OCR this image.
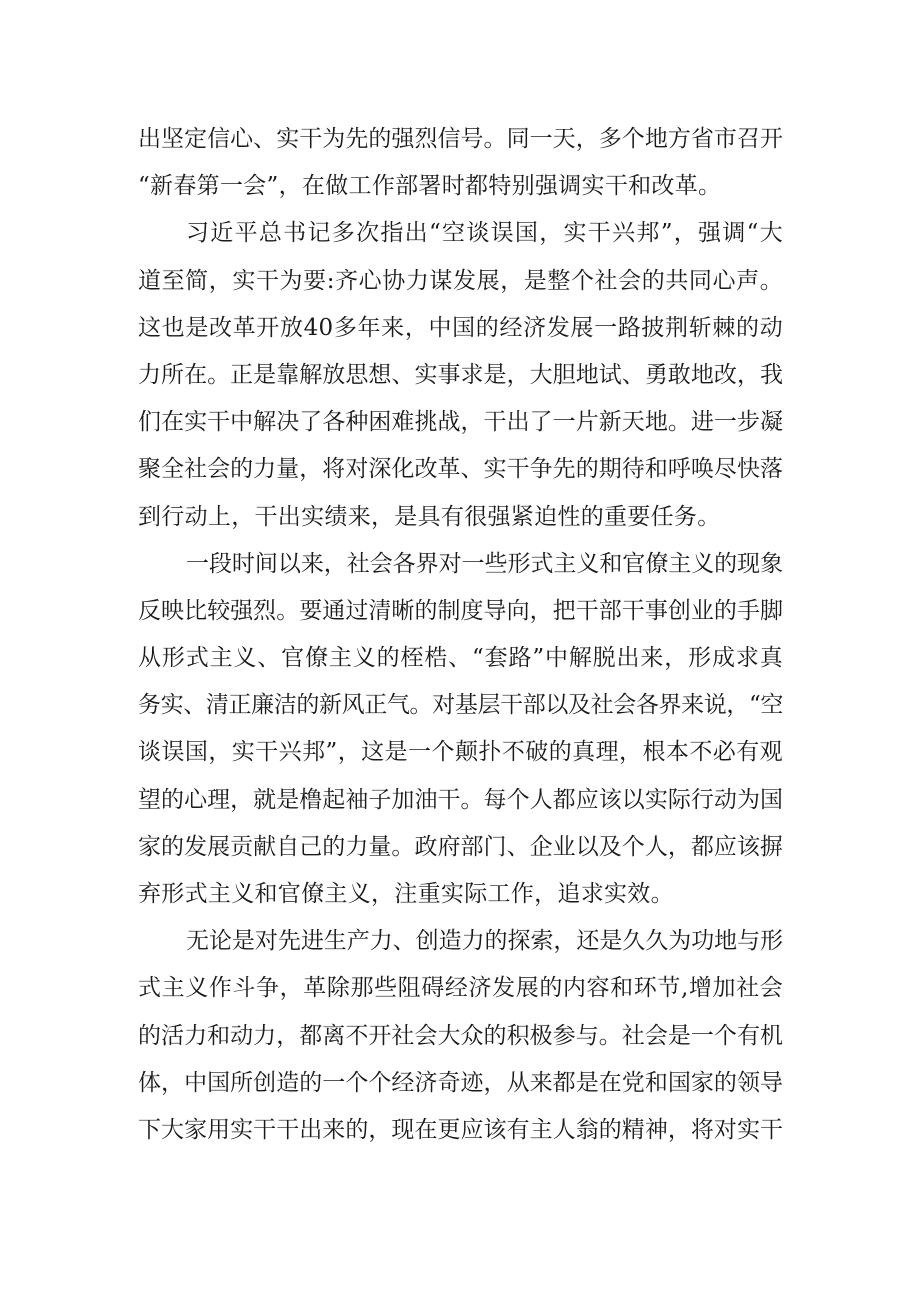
出坚定信心、实干为先的强烈信号。同一天，多个地方省市召开
“新春第一会”，在做工作部署时都特别强调实干和改革。
习近平总书记多次指出“空谈误国，实干兴邦”，强调“大
道至简，实干为要:齐心协力谋发展，是整个社会的共同心声。
这也是改革开放40多年来，中国的经济发展一路披荆斩棘的动
力所在。正是靠解放思想、实事求是，大胆地试、勇敢地改，我
们在实干中解决了各种困难挑战，干出了一片新天地。进一步凝
聚全社会的力量，将对深化改革、实干争先的期待和呼唤尽快落
到行动上，干出实绩来，是具有很强紧迫性的重要任务。
一段时间以来，社会各界对一些形式主义和官僚主义的现象
反映比较强烈。要通过清晰的制度导向，把干部干事创业的手脚
从形式主义、官僚主义的桎梏、“套路”中解脱出来，形成求真
务实、清正廉洁的新风正气。对基层干部以及社会各界来说，“空
谈误国，实干兴邦”，这是一个颠扑不破的真理，根本不必有观
望的心理，就是橹起袖子加油干。每个人都应该以实际行动为国
家的发展贡献自己的力量。政府部门、企业以及个人，都应该摒
弃形式主义和官僚主义，注重实际工作，追求实效。
无论是对先进生产力、创造力的探索，还是久久为功地与形
式主义作斗争，革除那些阻碍经济发展的内容和环节,增加社会
的活力和动力，都离不开社会大众的积极参与。社会是一个有机
体，中国所创造的一个个经济奇迹，从来都是在党和国家的领导
下大家用实干干出来的，现在更应该有主人翁的精神，将对实干
